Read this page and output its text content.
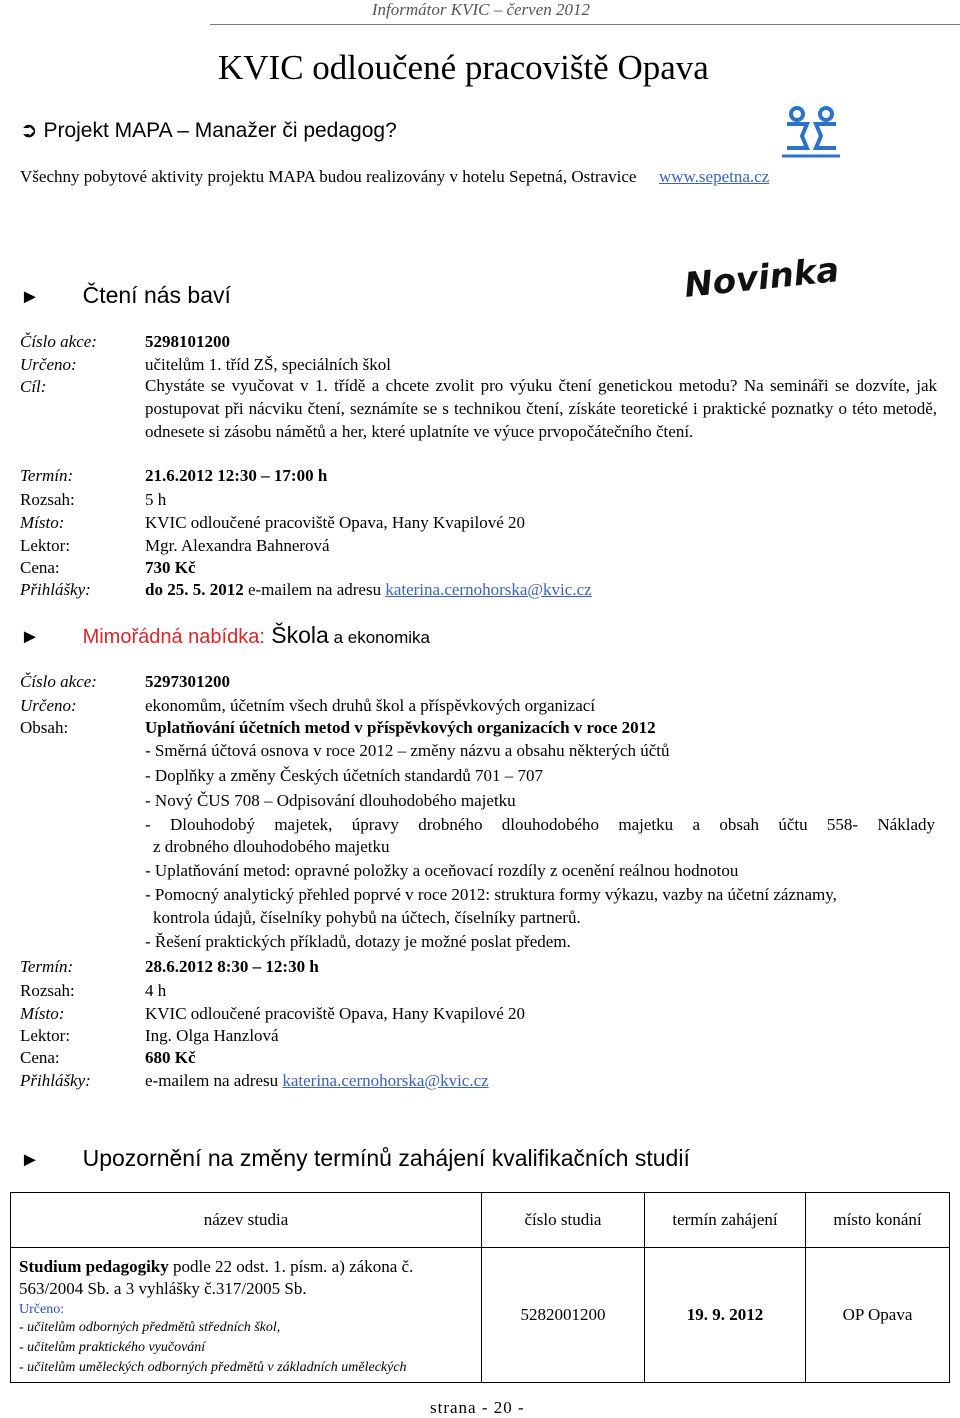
Informátor KVIC – červen 2012
KVIC odloučené pracoviště Opava
➲ Projekt MAPA – Manažer či pedagog?
Všechny pobytové aktivity projektu MAPA budou realizovány v hotelu Sepetná, Ostravice www.sepetna.cz
► Čtení nás baví	Novinka
Číslo akce:	5298101200
Určeno:	učitelům 1. tříd ZŠ, speciálních škol
Cíl:	Chystáte se vyučovat v 1. třídě a chcete zvolit pro výuku čtení genetickou metodu? Na semináři se dozvíte, jak postupovat při nácviku čtení, seznámíte se s technikou čtení, získáte teoretické i praktické poznatky o této metodě, odnesete si zásobu námětů a her, které uplatníte ve výuce prvopočátečního čtení.
Termín:	21.6.2012 12:30 – 17:00 h
Rozsah:	5 h
Místo:	KVIC odloučené pracoviště Opava, Hany Kvapilové 20
Lektor:	Mgr. Alexandra Bahnerová
Cena:	730 Kč
Přihlášky:	do 25. 5. 2012 e-mailem na adresu katerina.cernohorska@kvic.cz
► Mimořádná nabídka: Škola a ekonomika
Číslo akce:	5297301200
Určeno:	ekonomům, účetním všech druhů škol a příspěvkových organizací
Obsah:	Uplatňování účetních metod v příspěvkových organizacích v roce 2012
- Směrná účtová osnova v roce 2012 – změny názvu a obsahu některých účtů
- Doplňky a změny Českých účetních standardů 701 – 707
- Nový ČUS 708 – Odpisování dlouhodobého majetku
- Dlouhodobý majetek, úpravy drobného dlouhodobého majetku a obsah účtu 558- Náklady
z drobného dlouhodobého majetku
- Uplatňování metod: opravné položky a oceňovací rozdíly z ocenění reálnou hodnotou
- Pomocný analytický přehled poprvé v roce 2012: struktura formy výkazu, vazby na účetní záznamy,
kontrola údajů, číselníky pohybů na účtech, číselníky partnerů.
- Řešení praktických příkladů, dotazy je možné poslat předem.
Termín:	28.6.2012 8:30 – 12:30 h
Rozsah:	4 h
Místo:	KVIC odloučené pracoviště Opava, Hany Kvapilové 20
Lektor:	Ing. Olga Hanzlová
Cena:	680 Kč
Přihlášky:	e-mailem na adresu katerina.cernohorska@kvic.cz
► Upozornění na změny termínů zahájení kvalifikačních studií
název studia	číslo studia	termín zahájení	místo konání

Studium pedagogiky podle 22 odst. 1. písm. a) zákona č. 563/2004 Sb. a 3 vyhlášky č.317/2005 Sb.
Určeno:
- učitelům odborných předmětů středních škol,
- učitelům praktického vyučování
- učitelům uměleckých odborných předmětů v základních uměleckých	5282001200	19. 9. 2012	OP Opava
strana - 20 -
